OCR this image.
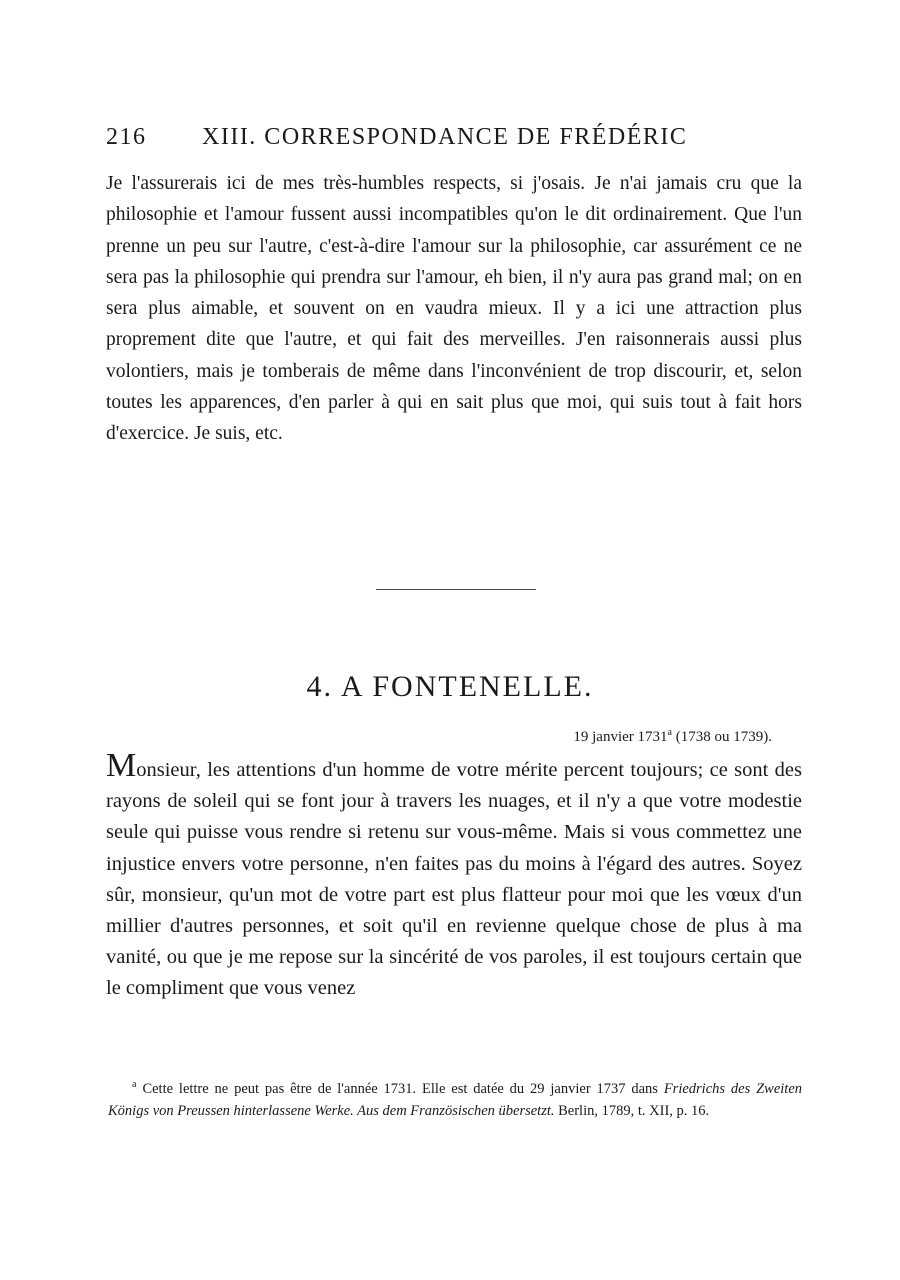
216 XIII. CORRESPONDANCE DE FRÉDÉRIC
Je l'assurerais ici de mes très-humbles respects, si j'osais. Je n'ai jamais cru que la philosophie et l'amour fussent aussi incompatibles qu'on le dit ordinairement. Que l'un prenne un peu sur l'autre, c'est-à-dire l'amour sur la philosophie, car assurément ce ne sera pas la philosophie qui prendra sur l'amour, eh bien, il n'y aura pas grand mal; on en sera plus aimable, et souvent on en vaudra mieux. Il y a ici une attraction plus proprement dite que l'autre, et qui fait des merveilles. J'en raisonnerais aussi plus volontiers, mais je tomberais de même dans l'inconvénient de trop discourir, et, selon toutes les apparences, d'en parler à qui en sait plus que moi, qui suis tout à fait hors d'exercice. Je suis, etc.
4. A FONTENELLE.
19 janvier 1731$^a$ (1738 ou 1739).
Monsieur, les attentions d'un homme de votre mérite percent toujours; ce sont des rayons de soleil qui se font jour à travers les nuages, et il n'y a que votre modestie seule qui puisse vous rendre si retenu sur vous-même. Mais si vous commettez une injustice envers votre personne, n'en faites pas du moins à l'égard des autres. Soyez sûr, monsieur, qu'un mot de votre part est plus flatteur pour moi que les vœux d'un millier d'autres personnes, et soit qu'il en revienne quelque chose de plus à ma vanité, ou que je me repose sur la sincérité de vos paroles, il est toujours certain que le compliment que vous venez
$^a$ Cette lettre ne peut pas être de l'année 1731. Elle est datée du 29 janvier 1737 dans Friedrichs des Zweiten Königs von Preussen hinterlassene Werke. Aus dem Französischen übersetzt. Berlin, 1789, t. XII, p. 16.
